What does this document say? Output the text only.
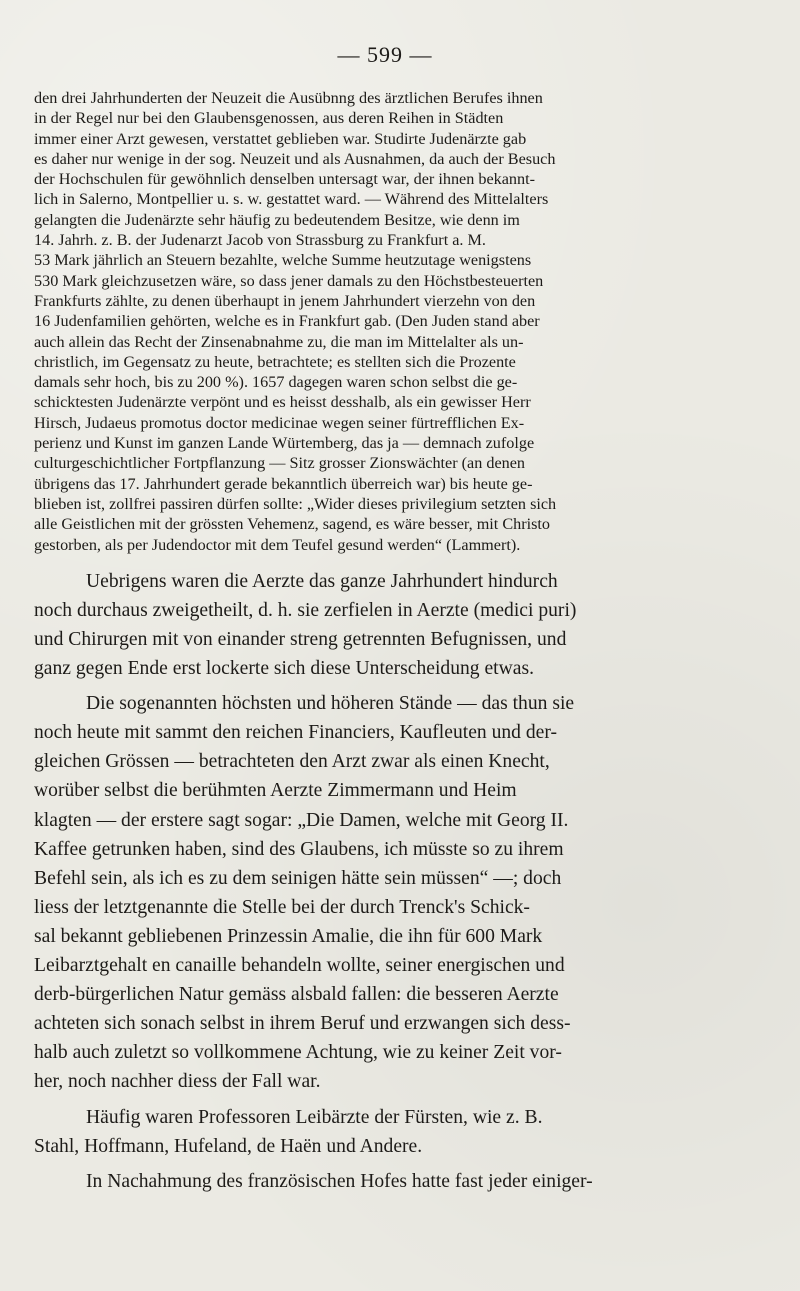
— 599 —
den drei Jahrhunderten der Neuzeit die Ausübnng des ärztlichen Berufes ihnen
in der Regel nur bei den Glaubensgenossen, aus deren Reihen in Städten
immer einer Arzt gewesen, verstattet geblieben war. Studirte Judenärzte gab
es daher nur wenige in der sog. Neuzeit und als Ausnahmen, da auch der Besuch
der Hochschulen für gewöhnlich denselben untersagt war, der ihnen bekannt-
lich in Salerno, Montpellier u. s. w. gestattet ward. — Während des Mittelalters
gelangten die Judenärzte sehr häufig zu bedeutendem Besitze, wie denn im
14. Jahrh. z. B. der Judenarzt Jacob von Strassburg zu Frankfurt a. M.
53 Mark jährlich an Steuern bezahlte, welche Summe heutzutage wenigstens
530 Mark gleichzusetzen wäre, so dass jener damals zu den Höchstbesteuerten
Frankfurts zählte, zu denen überhaupt in jenem Jahrhundert vierzehn von den
16 Judenfamilien gehörten, welche es in Frankfurt gab. (Den Juden stand aber
auch allein das Recht der Zinsenabnahme zu, die man im Mittelalter als un-
christlich, im Gegensatz zu heute, betrachtete; es stellten sich die Prozente
damals sehr hoch, bis zu 200 %). 1657 dagegen waren schon selbst die ge-
schicktesten Judenärzte verpönt und es heisst desshalb, als ein gewisser Herr
Hirsch, Judaeus promotus doctor medicinae wegen seiner fürtrefflichen Ex-
perienz und Kunst im ganzen Lande Würtemberg, das ja — demnach zufolge
culturgeschichtlicher Fortpflanzung — Sitz grosser Zionswächter (an denen
übrigens das 17. Jahrhundert gerade bekanntlich überreich war) bis heute ge-
blieben ist, zollfrei passiren dürfen sollte: „Wider dieses privilegium setzten sich
alle Geistlichen mit der grössten Vehemenz, sagend, es wäre besser, mit Christo
gestorben, als per Judendoctor mit dem Teufel gesund werden“ (Lammert).
Uebrigens waren die Aerzte das ganze Jahrhundert hindurch
noch durchaus zweigetheilt, d. h. sie zerfielen in Aerzte (medici puri)
und Chirurgen mit von einander streng getrennten Befugnissen, und
ganz gegen Ende erst lockerte sich diese Unterscheidung etwas.
Die sogenannten höchsten und höheren Stände — das thun sie
noch heute mit sammt den reichen Financiers, Kaufleuten und der-
gleichen Grössen — betrachteten den Arzt zwar als einen Knecht,
worüber selbst die berühmten Aerzte Zimmermann und Heim
klagten — der erstere sagt sogar: „Die Damen, welche mit Georg II.
Kaffee getrunken haben, sind des Glaubens, ich müsste so zu ihrem
Befehl sein, als ich es zu dem seinigen hätte sein müssen“ —; doch
liess der letztgenannte die Stelle bei der durch Trenck's Schick-
sal bekannt gebliebenen Prinzessin Amalie, die ihn für 600 Mark
Leibarztgehalt en canaille behandeln wollte, seiner energischen und
derb-bürgerlichen Natur gemäss alsbald fallen: die besseren Aerzte
achteten sich sonach selbst in ihrem Beruf und erzwangen sich dess-
halb auch zuletzt so vollkommene Achtung, wie zu keiner Zeit vor-
her, noch nachher diess der Fall war.
Häufig waren Professoren Leibärzte der Fürsten, wie z. B.
Stahl, Hoffmann, Hufeland, de Haën und Andere.
In Nachahmung des französischen Hofes hatte fast jeder einiger-
